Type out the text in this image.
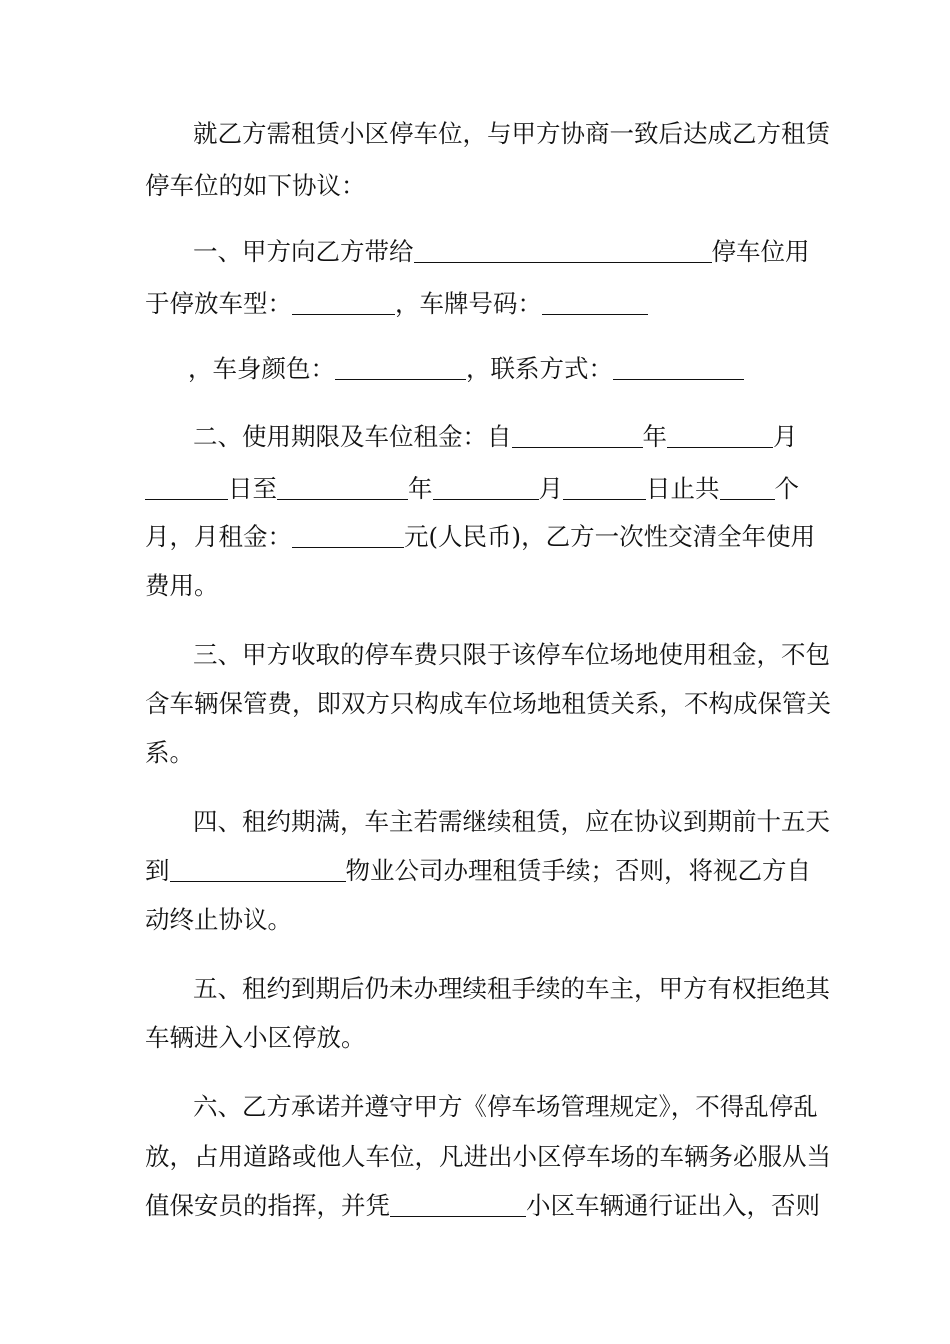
就乙方需租赁小区停车位，与甲方协商一致后达成乙方租赁
停车位的如下协议：
一、甲方向乙方带给	停车位用
于停放车型：	，车牌号码：
，车身颜色：	，联系方式：
二、使用期限及车位租金：自	年	月
日至	年	月	日止共 个
月，月租金：	元(人民币)，乙方一次性交清全年使用
费用。
三、甲方收取的停车费只限于该停车位场地使用租金，不包
含车辆保管费，即双方只构成车位场地租赁关系，不构成保管关
系。
四、租约期满，车主若需继续租赁，应在协议到期前十五天
到	物业公司办理租赁手续；否则，将视乙方自
动终止协议。
五、租约到期后仍未办理续租手续的车主，甲方有权拒绝其
车辆进入小区停放。
六、乙方承诺并遵守甲方《停车场管理规定》，不得乱停乱
放，占用道路或他人车位，凡进出小区停车场的车辆务必服从当
值保安员的指挥，并凭	小区车辆通行证出入，否则
